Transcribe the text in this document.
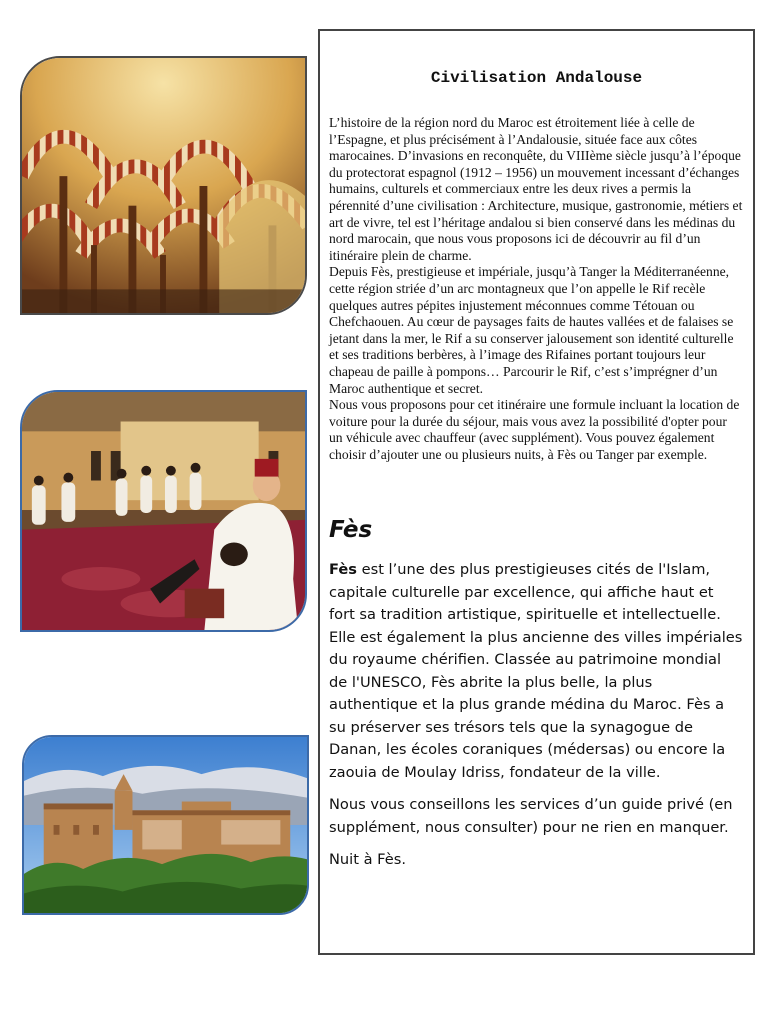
Civilisation Andalouse

L’histoire de la région nord du Maroc est étroitement liée à celle de l’Espagne, et plus précisément à l’Andalousie, située face aux côtes marocaines. D’invasions en reconquête, du VIIIème siècle jusqu’à l’époque du protectorat espagnol (1912 – 1956) un mouvement incessant d’échanges humains, culturels et commerciaux entre les deux rives a permis la pérennité d’une civilisation : Architecture, musique, gastronomie, métiers et art de vivre, tel est l’héritage andalou si bien conservé dans les médinas du nord marocain, que nous vous proposons ici de découvrir au fil d’un itinéraire plein de charme.

Depuis Fès, prestigieuse et impériale, jusqu’à Tanger la Méditerranéenne, cette région striée d’un arc montagneux que l’on appelle le Rif recèle quelques autres pépites injustement méconnues comme Tétouan ou Chefchaouen. Au cœur de paysages faits de hautes vallées et de falaises se jetant dans la mer, le Rif a su conserver jalousement son identité culturelle et ses traditions berbères, à l’image des Rifaines portant toujours leur chapeau de paille à pompons… Parcourir le Rif, c’est s’imprégner d’un Maroc authentique et secret.

Nous vous proposons pour cet itinéraire une formule incluant la location de voiture pour la durée du séjour, mais vous avez la possibilité d'opter pour un véhicule avec chauffeur (avec supplément). Vous pouvez également choisir d’ajouter une ou plusieurs nuits, à Fès ou Tanger par exemple.

Fès

Fès est l’une des plus prestigieuses cités de l'Islam, capitale culturelle par excellence, qui affiche haut et fort sa tradition artistique, spirituelle et intellectuelle. Elle est également la plus ancienne des villes impériales du royaume chérifien. Classée au patrimoine mondial de l'UNESCO, Fès abrite la plus belle, la plus authentique et la plus grande médina du Maroc. Fès a su préserver ses trésors tels que la synagogue de Danan, les écoles coraniques (médersas) ou encore la zaouia de Moulay Idriss, fondateur de la ville.

Nous vous conseillons les services d’un guide privé (en supplément, nous consulter) pour ne rien en manquer.

Nuit à Fès.
